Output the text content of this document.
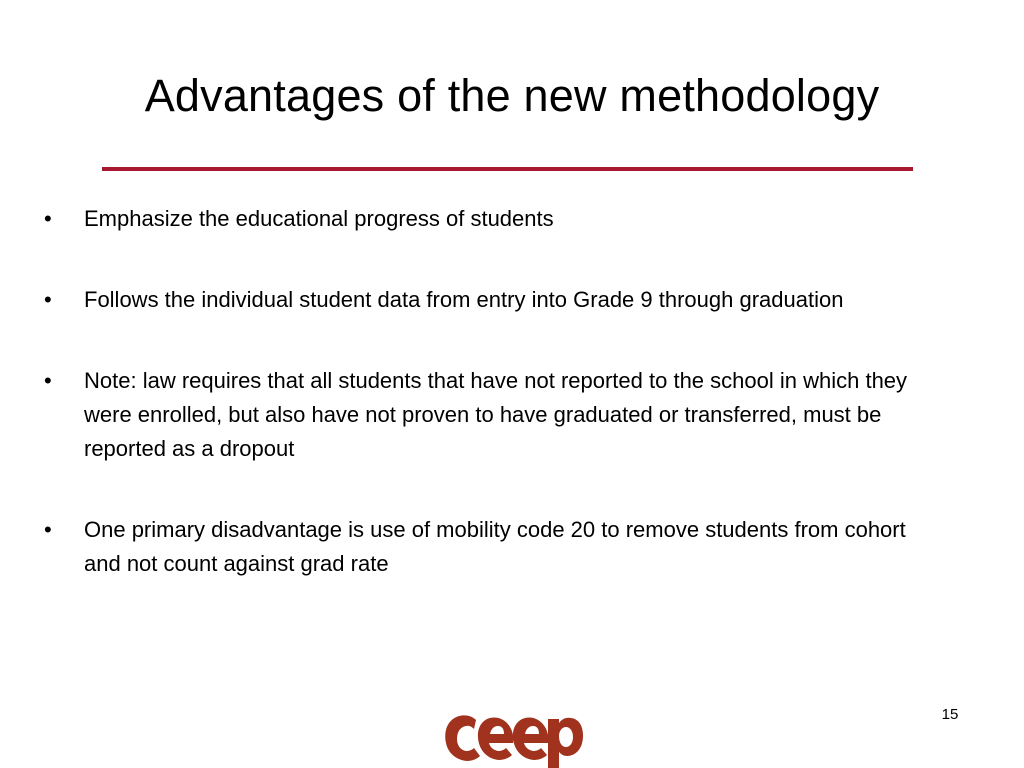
Advantages of the new methodology
•	Emphasize the educational progress of students
•	Follows the individual student data from entry into Grade 9 through graduation
•	Note: law requires that all students that have not reported to the school in which they were enrolled, but also have not proven to have graduated or transferred, must be reported as a dropout
•	One primary disadvantage is use of mobility code 20 to remove students from cohort and not count against grad rate
15
